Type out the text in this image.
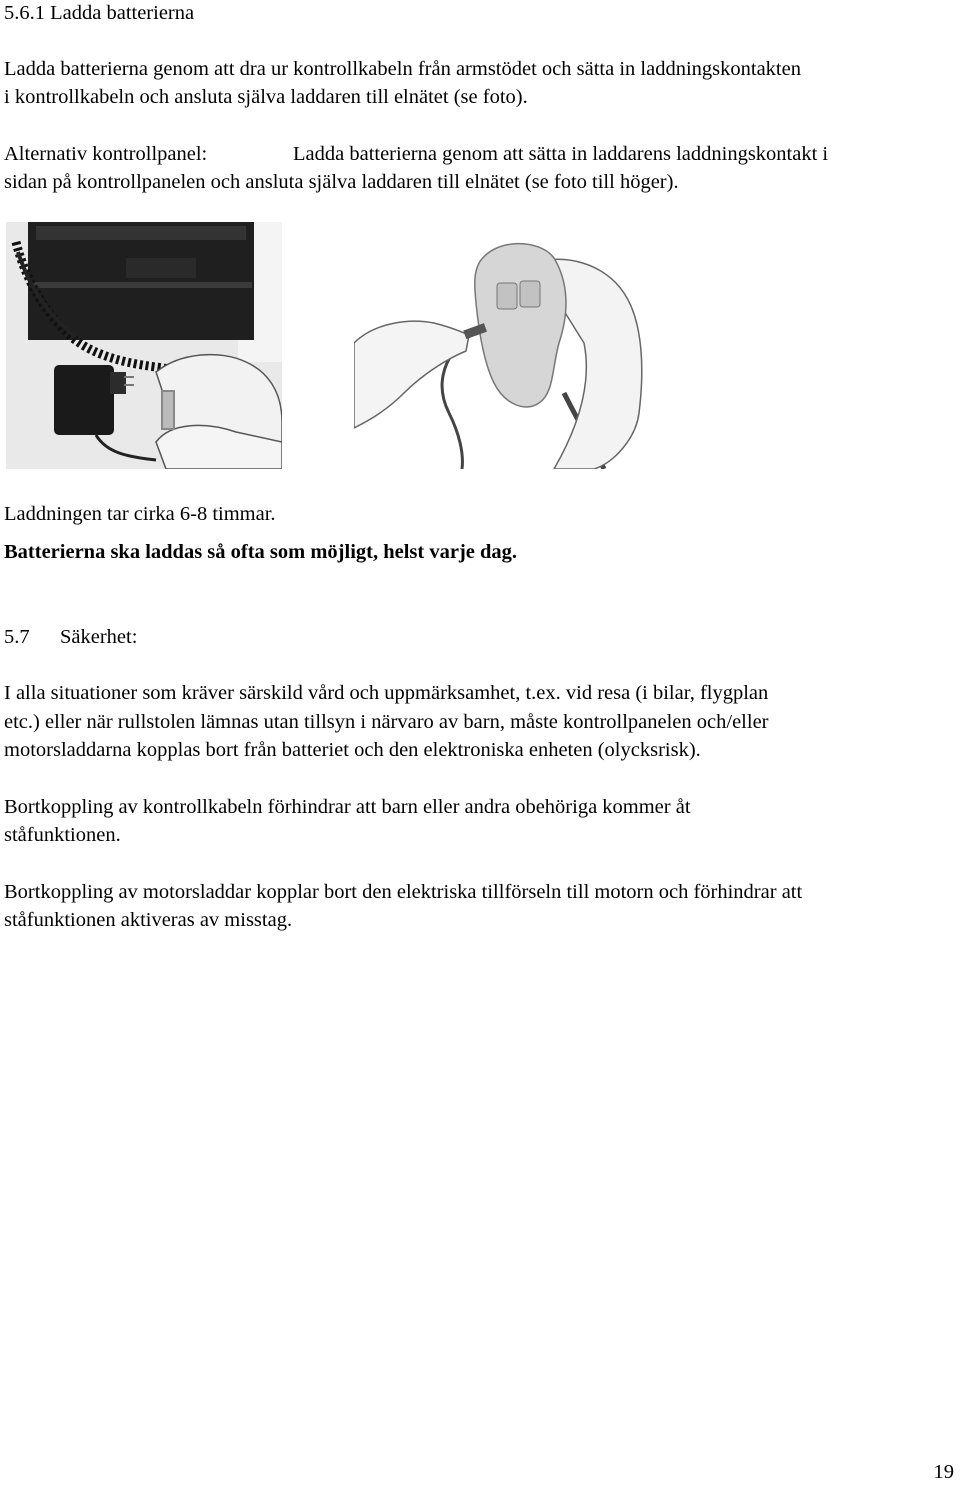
5.6.1 Ladda batterierna
Ladda batterierna genom att dra ur kontrollkabeln från armstödet och sätta in laddningskontakten
i kontrollkabeln och ansluta själva laddaren till elnätet (se foto).
Alternativ kontrollpanel:	Ladda batterierna genom att sätta in laddarens laddningskontakt i
sidan på kontrollpanelen och ansluta själva laddaren till elnätet (se foto till höger).
Laddningen tar cirka 6-8 timmar.
Batterierna ska laddas så ofta som möjligt, helst varje dag.
5.7 Säkerhet:
I alla situationer som kräver särskild vård och uppmärksamhet, t.ex. vid resa (i bilar, flygplan
etc.) eller när rullstolen lämnas utan tillsyn i närvaro av barn, måste kontrollpanelen och/eller
motorsladdarna kopplas bort från batteriet och den elektroniska enheten (olycksrisk).
Bortkoppling av kontrollkabeln förhindrar att barn eller andra obehöriga kommer åt
ståfunktionen.
Bortkoppling av motorsladdar kopplar bort den elektriska tillförseln till motorn och förhindrar att
ståfunktionen aktiveras av misstag.
19
